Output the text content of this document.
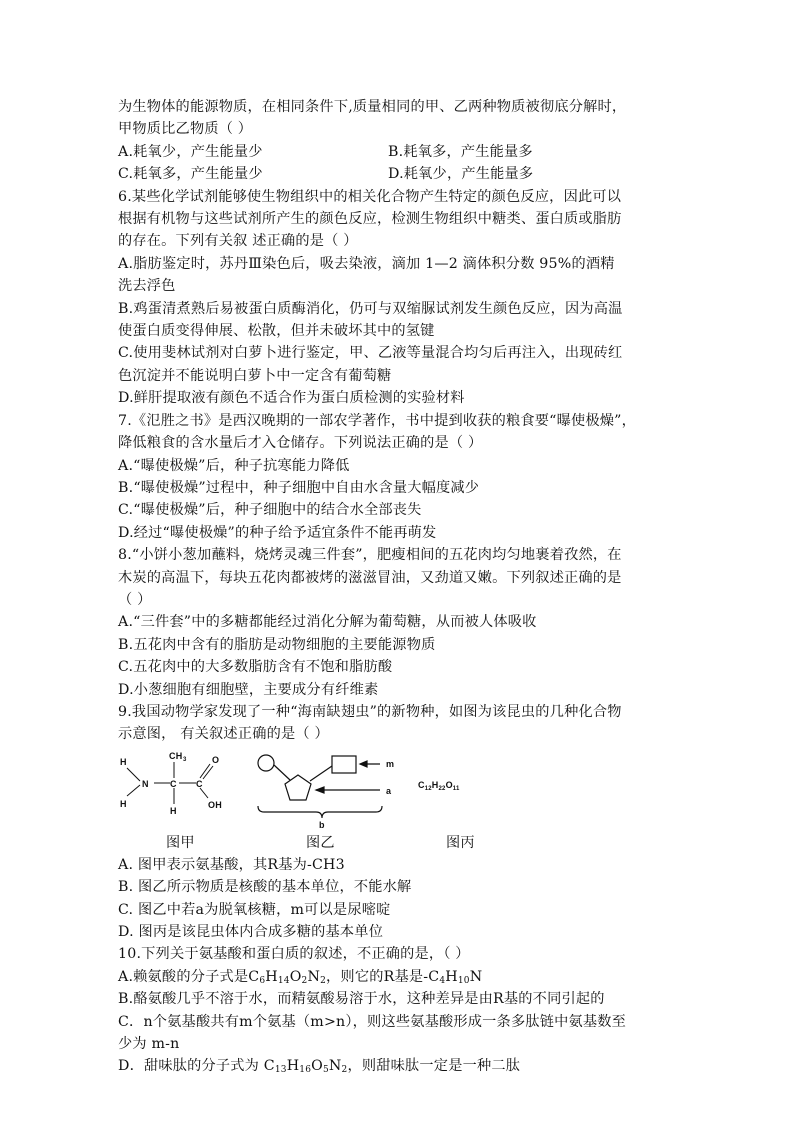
为生物体的能源物质，在相同条件下,质量相同的甲、乙两种物质被彻底分解时，
甲物质比乙物质（ ）
A.耗氧少，产生能量少	B.耗氧多，产生能量多
C.耗氧多，产生能量少	D.耗氧少，产生能量多
6.某些化学试剂能够使生物组织中的相关化合物产生特定的颜色反应，因此可以
根据有机物与这些试剂所产生的颜色反应，检测生物组织中糖类、蛋白质或脂肪
的存在。下列有关叙 述正确的是（ ）
A.脂肪鉴定时，苏丹Ⅲ染色后，吸去染液，滴加 1—2 滴体积分数 95%的酒精
洗去浮色
B.鸡蛋清煮熟后易被蛋白质酶消化，仍可与双缩脲试剂发生颜色反应，因为高温
使蛋白质变得伸展、松散，但并未破坏其中的氢键
C.使用斐林试剂对白萝卜进行鉴定，甲、乙液等量混合均匀后再注入，出现砖红
色沉淀并不能说明白萝卜中一定含有葡萄糖
D.鲜肝提取液有颜色不适合作为蛋白质检测的实验材料
7.《氾胜之书》是西汉晚期的一部农学著作，书中提到收获的粮食要“曝使极燥”，
降低粮食的含水量后才入仓储存。下列说法正确的是（ ）
A.“曝使极燥”后，种子抗寒能力降低
B.“曝使极燥”过程中，种子细胞中自由水含量大幅度减少
C.“曝使极燥”后，种子细胞中的结合水全部丧失
D.经过“曝使极燥”的种子给予适宜条件不能再萌发
8.“小饼小葱加蘸料，烧烤灵魂三件套”，肥瘦相间的五花肉均匀地裹着孜然，在
木炭的高温下，每块五花肉都被烤的滋滋冒油，又劲道又嫩。下列叙述正确的是
（ ）
A.“三件套”中的多糖都能经过消化分解为葡萄糖，从而被人体吸收
B.五花肉中含有的脂肪是动物细胞的主要能源物质
C.五花肉中的大多数脂肪含有不饱和脂肪酸
D.小葱细胞有细胞壁，主要成分有纤维素
9.我国动物学家发现了一种“海南缺翅虫”的新物种，如图为该昆虫的几种化合物
示意图， 有关叙述正确的是（ ）
H
N
H
CH 3
C
H
C
O
OH
m
a
b
$C_{12}H_{22}O_{11}$
图甲	图乙	图丙
A. 图甲表示氨基酸，其R基为-CH3
B. 图乙所示物质是核酸的基本单位，不能水解
C. 图乙中若a为脱氧核糖，m可以是尿嘧啶
D. 图丙是该昆虫体内合成多糖的基本单位
10.下列关于氨基酸和蛋白质的叙述，不正确的是，（ ）
A.赖氨酸的分子式是$C_6H_{14}O_2N_2$，则它的R基是$-C_4H_{10}N$
B.酪氨酸几乎不溶于水，而精氨酸易溶于水，这种差异是由R基的不同引起的
C．n个氨基酸共有m个氨基（m>n），则这些氨基酸形成一条多肽链中氨基数至
少为 m-n
D．甜味肽的分子式为 $C_{13}H_{16}O_5N_2$，则甜味肽一定是一种二肽
